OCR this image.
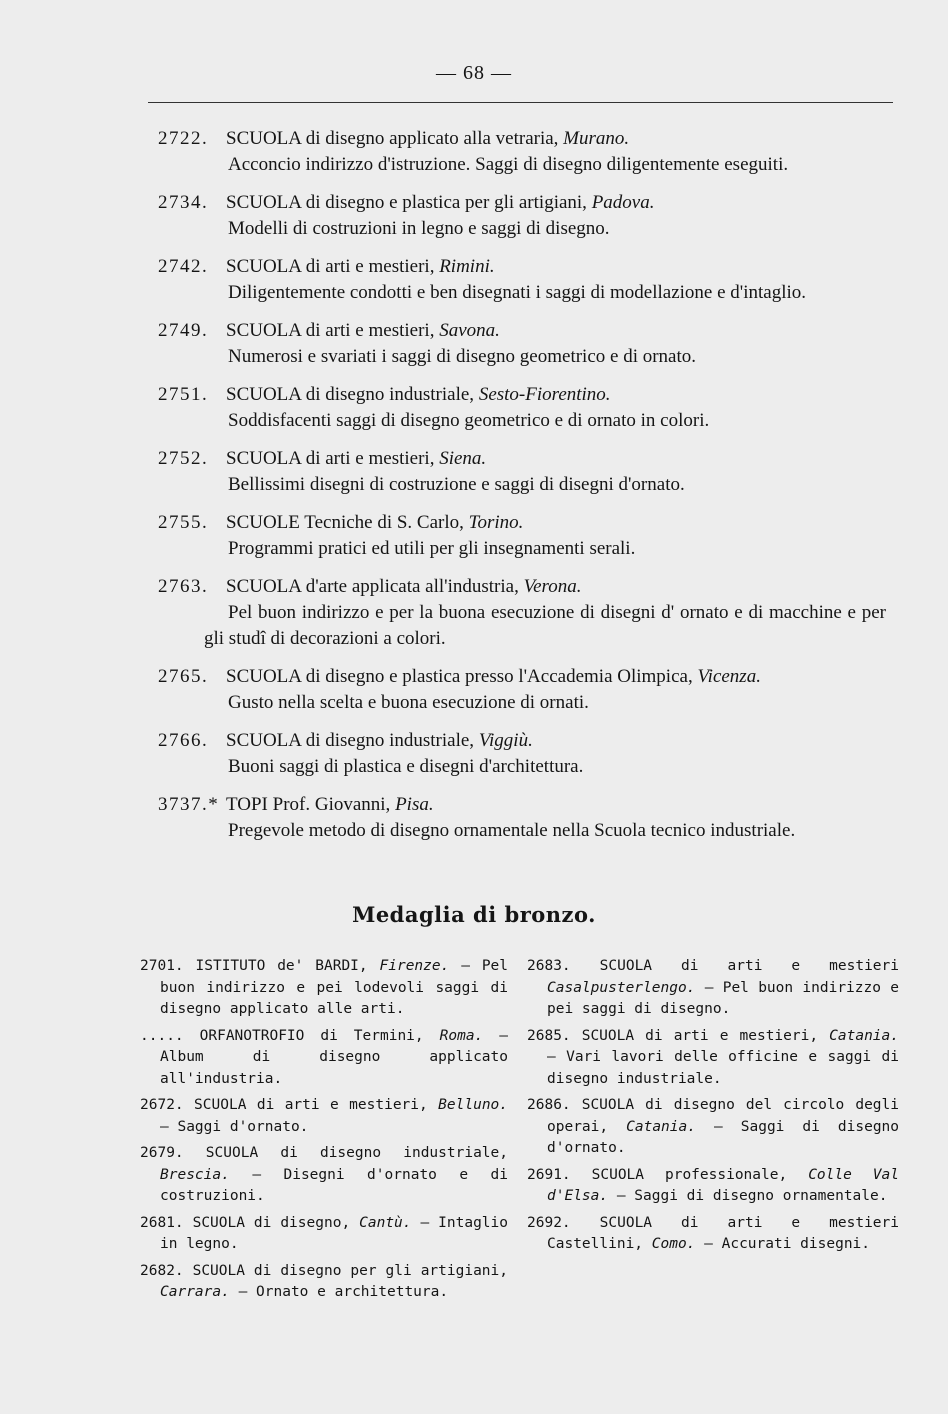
— 68 —
2722. SCUOLA di disegno applicato alla vetraria, Murano.
Acconcio indirizzo d'istruzione. Saggi di disegno diligentemente eseguiti.
2734. SCUOLA di disegno e plastica per gli artigiani, Padova.
Modelli di costruzioni in legno e saggi di disegno.
2742. SCUOLA di arti e mestieri, Rimini.
Diligentemente condotti e ben disegnati i saggi di modellazione e d'intaglio.
2749. SCUOLA di arti e mestieri, Savona.
Numerosi e svariati i saggi di disegno geometrico e di ornato.
2751. SCUOLA di disegno industriale, Sesto-Fiorentino.
Soddisfacenti saggi di disegno geometrico e di ornato in colori.
2752. SCUOLA di arti e mestieri, Siena.
Bellissimi disegni di costruzione e saggi di disegni d'ornato.
2755. SCUOLE Tecniche di S. Carlo, Torino.
Programmi pratici ed utili per gli insegnamenti serali.
2763. SCUOLA d'arte applicata all'industria, Verona.
Pel buon indirizzo e per la buona esecuzione di disegni d' ornato e di macchine e per gli studî di decorazioni a colori.
2765. SCUOLA di disegno e plastica presso l'Accademia Olimpica, Vicenza.
Gusto nella scelta e buona esecuzione di ornati.
2766. SCUOLA di disegno industriale, Viggiù.
Buoni saggi di plastica e disegni d'architettura.
3737.* TOPI Prof. Giovanni, Pisa.
Pregevole metodo di disegno ornamentale nella Scuola tecnico industriale.
Medaglia di bronzo.

2701. ISTITUTO de' BARDI, Firenze. — Pel buon indirizzo e pei lodevoli saggi di disegno applicato alle arti.

..... ORFANOTROFIO di Termini, Roma. — Album di disegno applicato all'industria.

2672. SCUOLA di arti e mestieri, Belluno. — Saggi d'ornato.

2679. SCUOLA di disegno industriale, Brescia. — Disegni d'ornato e di costruzioni.

2681. SCUOLA di disegno, Cantù. — Intaglio in legno.

2682. SCUOLA di disegno per gli artigiani, Carrara. — Ornato e architettura.

2683. SCUOLA di arti e mestieri Casalpusterlengo. — Pel buon indirizzo e pei saggi di disegno.

2685. SCUOLA di arti e mestieri, Catania. — Vari lavori delle officine e saggi di disegno industriale.

2686. SCUOLA di disegno del circolo degli operai, Catania. — Saggi di disegno d'ornato.

2691. SCUOLA professionale, Colle Val d'Elsa. — Saggi di disegno ornamentale.

2692. SCUOLA di arti e mestieri Castellini, Como. — Accurati disegni.
